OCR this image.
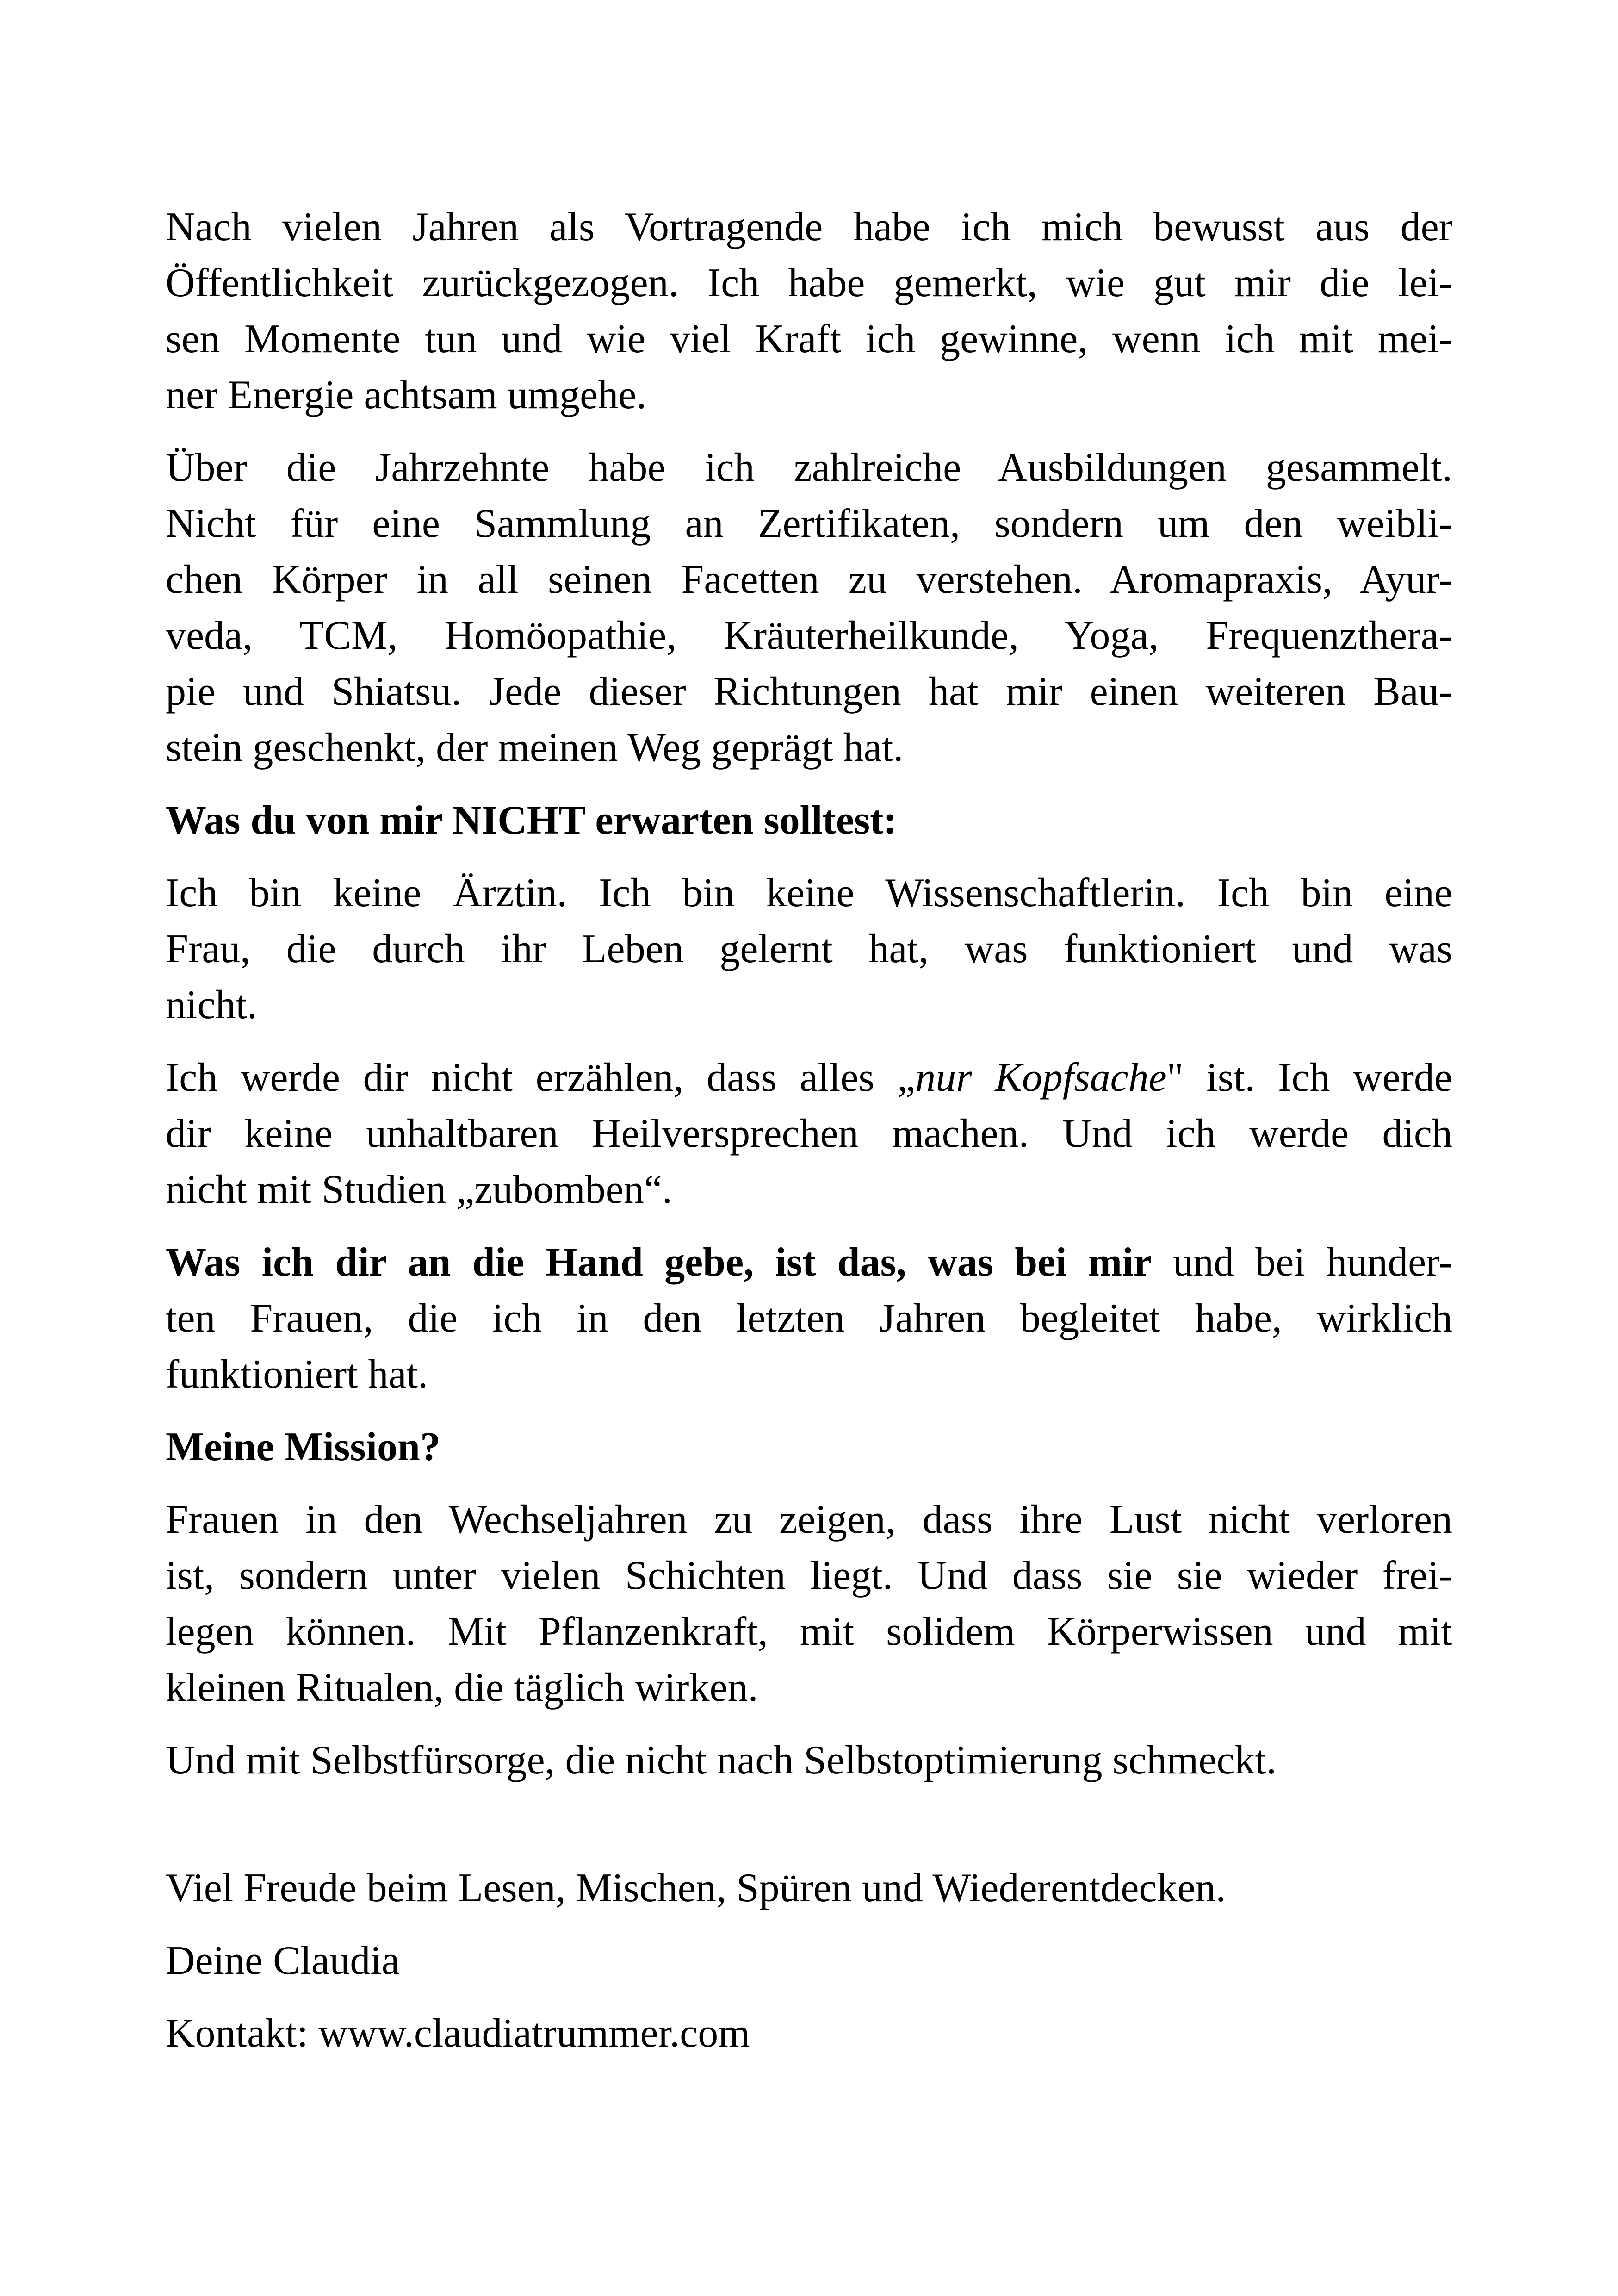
Nach vielen Jahren als Vortragende habe ich mich bewusst aus der
Öffentlichkeit zurückgezogen. Ich habe gemerkt, wie gut mir die lei-
sen Momente tun und wie viel Kraft ich gewinne, wenn ich mit mei-
ner Energie achtsam umgehe.

Über die Jahrzehnte habe ich zahlreiche Ausbildungen gesammelt.
Nicht für eine Sammlung an Zertifikaten, sondern um den weibli-
chen Körper in all seinen Facetten zu verstehen. Aromapraxis, Ayur-
veda, TCM, Homöopathie, Kräuterheilkunde, Yoga, Frequenzthera-
pie und Shiatsu. Jede dieser Richtungen hat mir einen weiteren Bau-
stein geschenkt, der meinen Weg geprägt hat.

Was du von mir NICHT erwarten solltest:

Ich bin keine Ärztin. Ich bin keine Wissenschaftlerin. Ich bin eine
Frau, die durch ihr Leben gelernt hat, was funktioniert und was
nicht.

Ich werde dir nicht erzählen, dass alles „nur Kopfsache" ist. Ich werde
dir keine unhaltbaren Heilversprechen machen. Und ich werde dich
nicht mit Studien „zubomben“.

Was ich dir an die Hand gebe, ist das, was bei mir und bei hunder-
ten Frauen, die ich in den letzten Jahren begleitet habe, wirklich
funktioniert hat.

Meine Mission?

Frauen in den Wechseljahren zu zeigen, dass ihre Lust nicht verloren
ist, sondern unter vielen Schichten liegt. Und dass sie sie wieder frei-
legen können. Mit Pflanzenkraft, mit solidem Körperwissen und mit
kleinen Ritualen, die täglich wirken.

Und mit Selbstfürsorge, die nicht nach Selbstoptimierung schmeckt.

Viel Freude beim Lesen, Mischen, Spüren und Wiederentdecken.

Deine Claudia

Kontakt: www.claudiatrummer.com
